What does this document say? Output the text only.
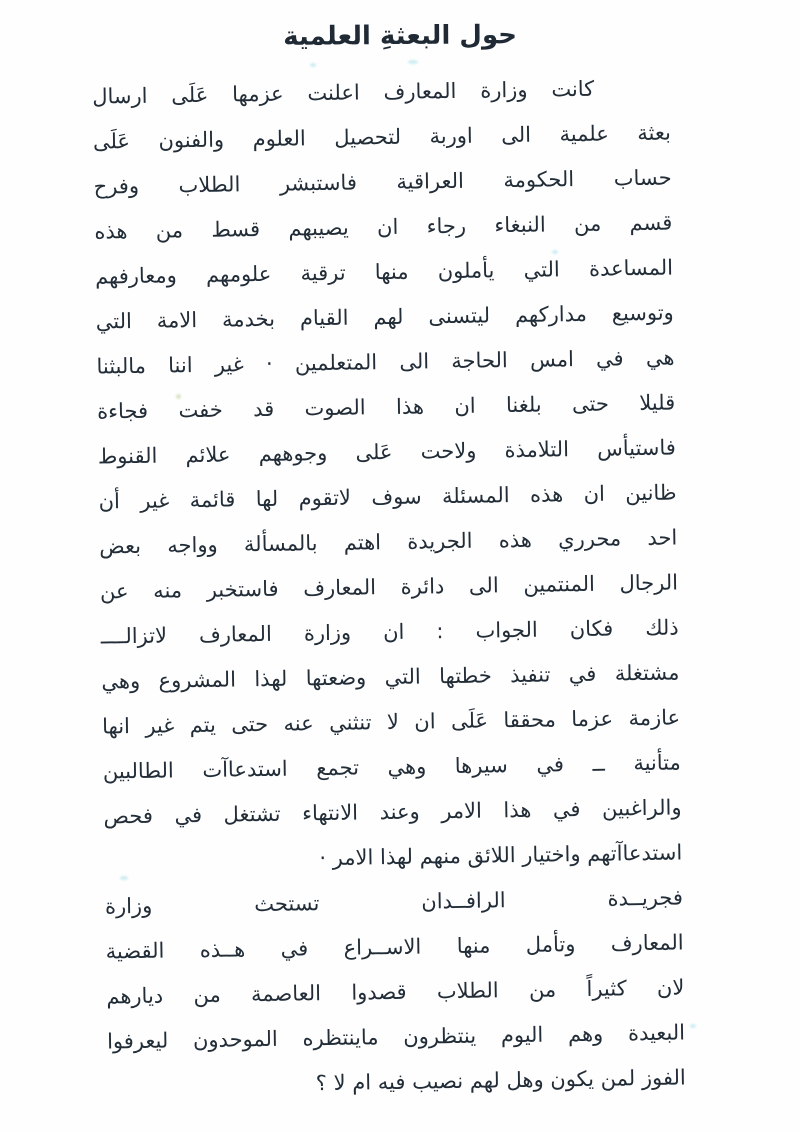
حول البعثةِ العلمية
كانت وزارة المعارف اعلنت عزمها عَلَى ارسال
بعثة علمية الى اوربة لتحصيل العلوم والفنون عَلَى
حساب الحكومة العراقية فاستبشر الطلاب وفرح
قسم من النبغاء رجاء ان يصيبهم قسط من هذه
المساعدة التي يأملون منها ترقية علومهم ومعارفهم
وتوسيع مداركهم ليتسنى لهم القيام بخدمة الامة التي
هي في امس الحاجة الى المتعلمين · غير اننا مالبثنا
قليلا حتى بلغنا ان هذا الصوت قد خفت فجاءة
فاستيأس التلامذة ولاحت عَلى وجوههم علائم القنوط
ظانين ان هذه المسئلة سوف لاتقوم لها قائمة غير أن
احد محرري هذه الجريدة اهتم بالمسألة وواجه بعض
الرجال المنتمين الى دائرة المعارف فاستخبر منه عن
ذلك فكان الجواب : ان وزارة المعارف لاتزالــــ
مشتغلة في تنفيذ خطتها التي وضعتها لهذا المشروع وهي
عازمة عزما محققا عَلَى ان لا تنثني عنه حتى يتم غير انها
متأنية ــ في سيرها وهي تجمع استدعاآت الطالبين
والراغبين في هذا الامر وعند الانتهاء تشتغل في فحص
استدعاآتهم واختيار اللائق منهم لهذا الامر ·
فجريــدة الرافــدان تستحث وزارة
المعارف وتأمل منها الاســراع في هــذه القضية
لان كثيراً من الطلاب قصدوا العاصمة من ديارهم
البعيدة وهم اليوم ينتظرون ماينتظره الموحدون ليعرفوا
الفوز لمن يكون وهل لهم نصيب فيه ام لا ؟
